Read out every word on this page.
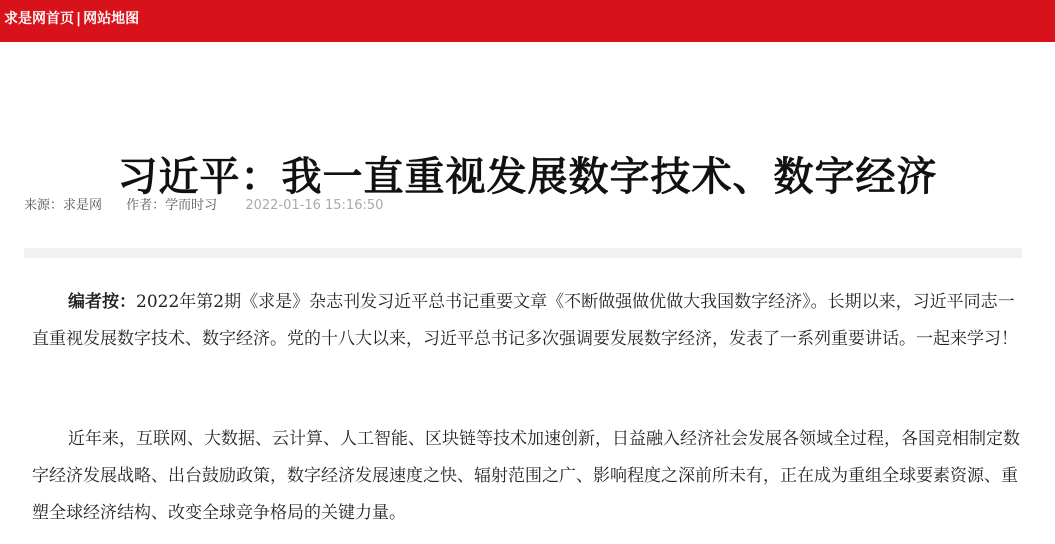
求是网首页 | 网站地图
习近平：我一直重视发展数字技术、数字经济
来源：求是网 作者：学而时习 2022-01-16 15:16:50

编者按：2022年第2期《求是》杂志刊发习近平总书记重要文章《不断做强做优做大我国数字经济》。长期以来，习近平同志一直重视发展数字技术、数字经济。党的十八大以来，习近平总书记多次强调要发展数字经济，发表了一系列重要讲话。一起来学习！

近年来，互联网、大数据、云计算、人工智能、区块链等技术加速创新，日益融入经济社会发展各领域全过程，各国竞相制定数字经济发展战略、出台鼓励政策，数字经济发展速度之快、辐射范围之广、影响程度之深前所未有，正在成为重组全球要素资源、重塑全球经济结构、改变全球竞争格局的关键力量。
